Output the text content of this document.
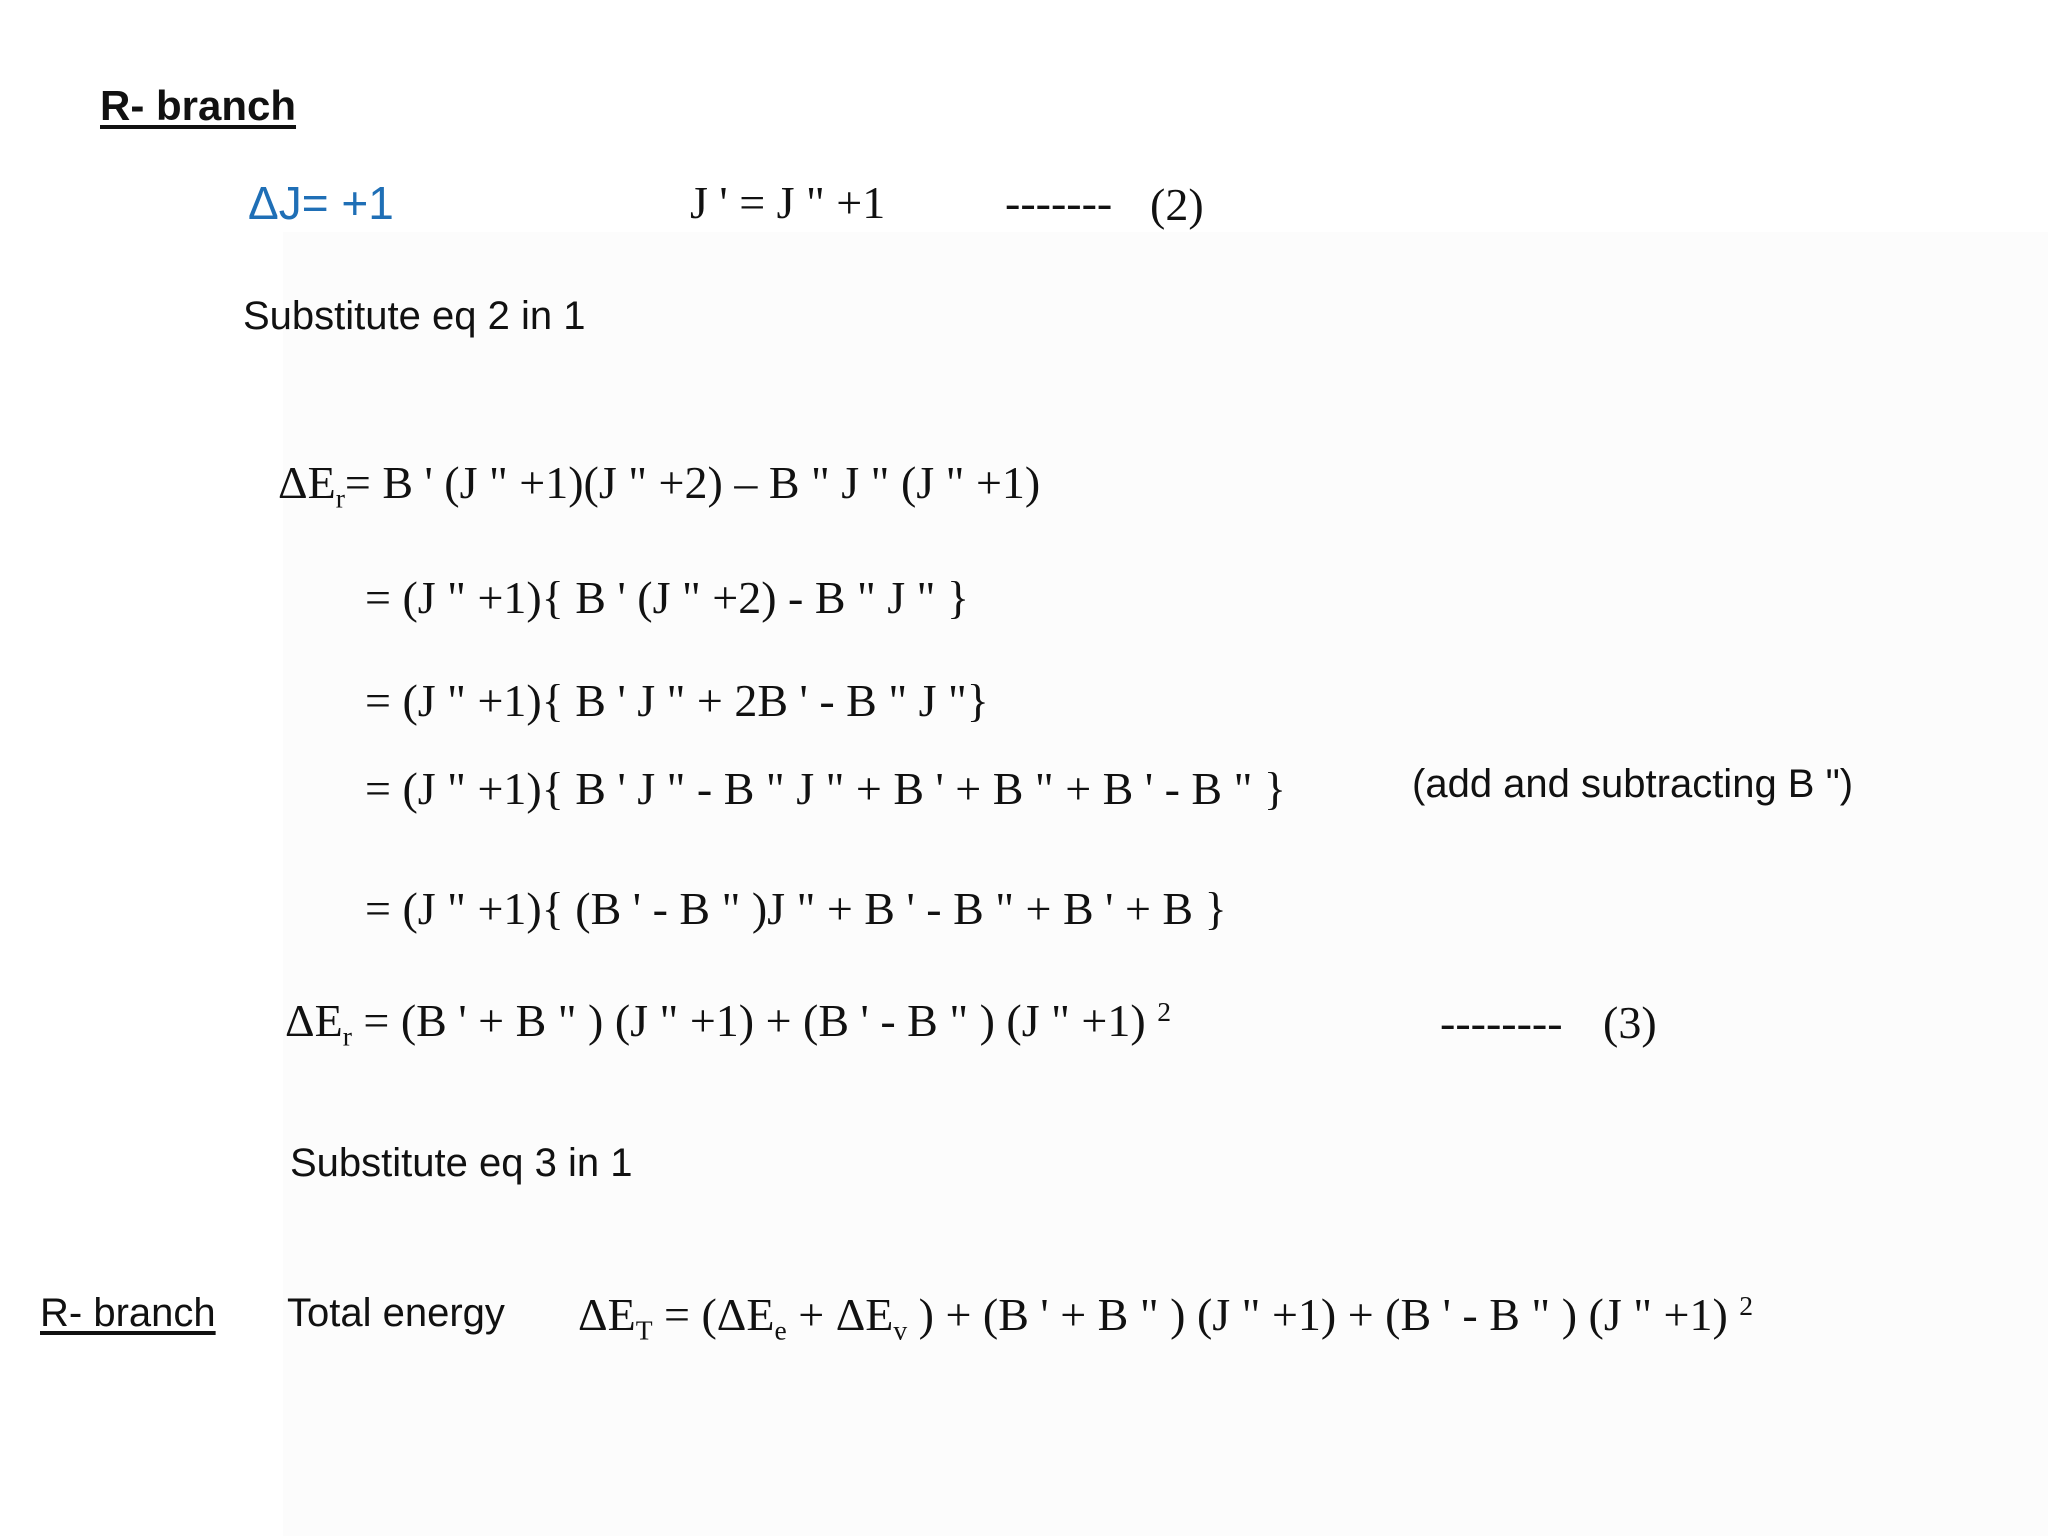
R- branch
ΔJ= +1	J ' = J " +1	------- (2)
Substitute eq 2 in 1
$\Delta E_r= B$ ' (J " +1)(J " +2) – B " J " (J " +1)
= (J " +1){ B ' (J " +2) - B " J " }
= (J " +1){ B ' J " + 2B ' - B " J "}
= (J " +1){ B ' J " - B " J " + B ' + B " + B ' - B " }	(add and subtracting B ")
= (J " +1){ (B ' - B " )J " + B ' - B " + B ' + B }
$\Delta E_r = (B$ ' + B " ) (J " +1) + (B ' - B " ) (J " +1) $^2$	-------- (3)
Substitute eq 3 in 1
R- branch Total energy $\Delta E_T = (\Delta E_e + \Delta E_v$ ) + (B ' + B " ) (J " +1) + (B ' - B " ) (J " +1) $^2$
